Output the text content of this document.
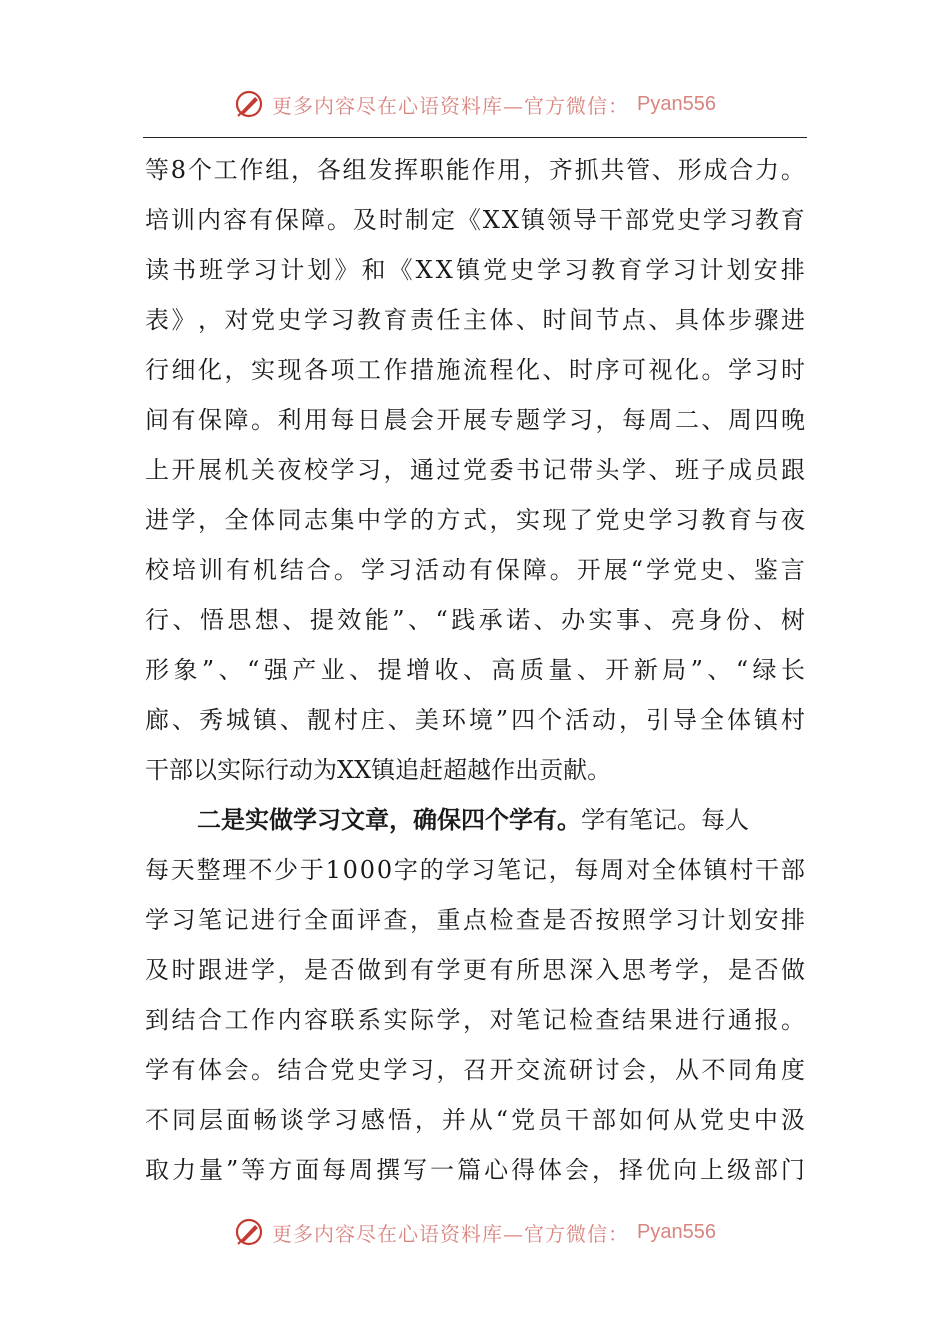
更多内容尽在心语资料库—官方微信： Pyan556
等 8 个 工 作 组 ， 各 组 发 挥 职 能 作 用 ， 齐 抓 共 管 、 形 成 合 力 。
培 训 内 容 有 保 障 。 及 时 制 定 《 X X 镇 领 导 干 部 党 史 学 习 教 育
读 书 班 学 习 计 划 》 和 《 X X 镇 党 史 学 习 教 育 学 习 计 划 安 排
表 》 ， 对 党 史 学 习 教 育 责 任 主 体 、 时 间 节 点 、 具 体 步 骤 进
行 细 化 ， 实 现 各 项 工 作 措 施 流 程 化 、 时 序 可 视 化 。 学 习 时
间 有 保 障 。 利 用 每 日 晨 会 开 展 专 题 学 习 ， 每 周 二 、 周 四 晚
上 开 展 机 关 夜 校 学 习 ， 通 过 党 委 书 记 带 头 学 、 班 子 成 员 跟
进 学 ， 全 体 同 志 集 中 学 的 方 式 ， 实 现 了 党 史 学 习 教 育 与 夜
校 培 训 有 机 结 合 。 学 习 活 动 有 保 障 。 开 展 “ 学 党 史 、 鉴 言
行 、 悟 思 想 、 提 效 能 ” 、 “ 践 承 诺 、 办 实 事 、 亮 身 份 、 树
形 象 ” 、 “ 强 产 业 、 提 增 收 、 高 质 量 、 开 新 局 ” 、 “ 绿 长
廊 、 秀 城 镇 、 靓 村 庄 、 美 环 境 ” 四 个 活 动 ， 引 导 全 体 镇 村
干部以实际行动为XX镇追赶超越作出贡献。
二是实做学习文章，确保四个学有。 学有笔记。每人
每 天 整 理 不 少 于 1 0 0 0 字 的 学 习 笔 记 ， 每 周 对 全 体 镇 村 干 部
学 习 笔 记 进 行 全 面 评 查 ， 重 点 检 查 是 否 按 照 学 习 计 划 安 排
及 时 跟 进 学 ， 是 否 做 到 有 学 更 有 所 思 深 入 思 考 学 ， 是 否 做
到 结 合 工 作 内 容 联 系 实 际 学 ， 对 笔 记 检 查 结 果 进 行 通 报 。
学 有 体 会 。 结 合 党 史 学 习 ， 召 开 交 流 研 讨 会 ， 从 不 同 角 度
不 同 层 面 畅 谈 学 习 感 悟 ， 并 从 “ 党 员 干 部 如 何 从 党 史 中 汲
取 力 量 ” 等 方 面 每 周 撰 写 一 篇 心 得 体 会 ， 择 优 向 上 级 部 门
更多内容尽在心语资料库—官方微信： Pyan556
